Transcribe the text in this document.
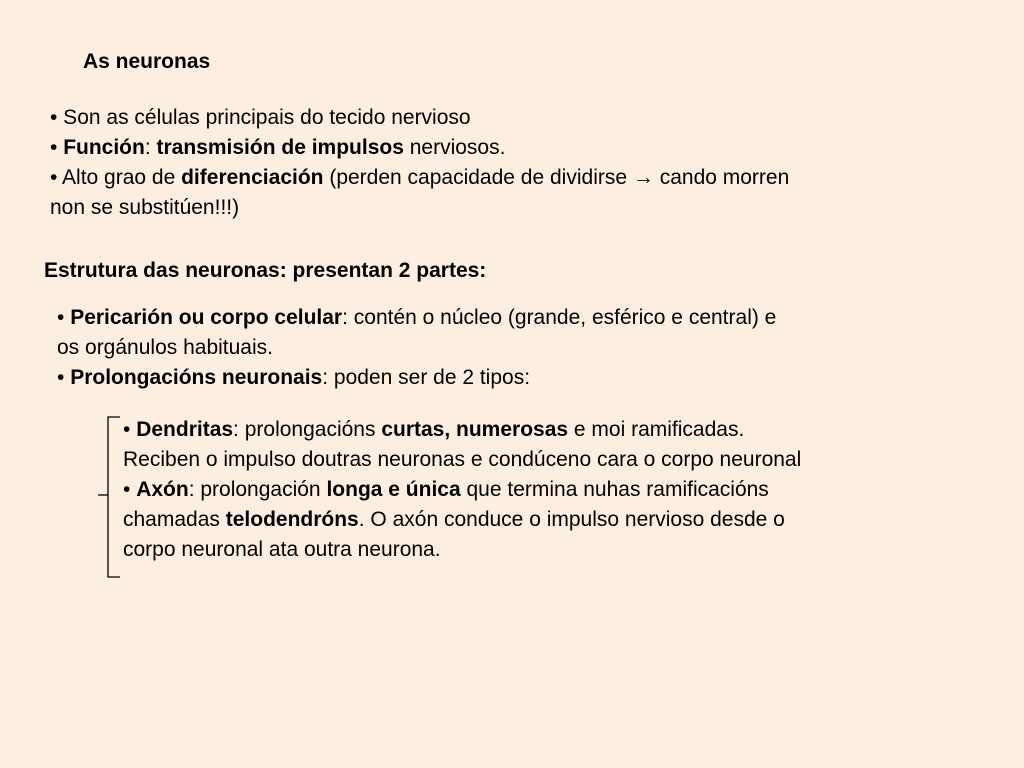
As neuronas
• Son as células principais do tecido nervioso
• Función: transmisión de impulsos nerviosos.
• Alto grao de diferenciación (perden capacidade de dividirse → cando morren
non se substitúen!!!)
Estrutura das neuronas: presentan 2 partes:
• Pericarión ou corpo celular: contén o núcleo (grande, esférico e central) e
os orgánulos habituais.
• Prolongacións neuronais: poden ser de 2 tipos:
• Dendritas: prolongacións curtas, numerosas e moi ramificadas.
Reciben o impulso doutras neuronas e condúceno cara o corpo neuronal
• Axón: prolongación longa e única que termina nuhas ramificacións
chamadas telodendróns. O axón conduce o impulso nervioso desde o
corpo neuronal ata outra neurona.
